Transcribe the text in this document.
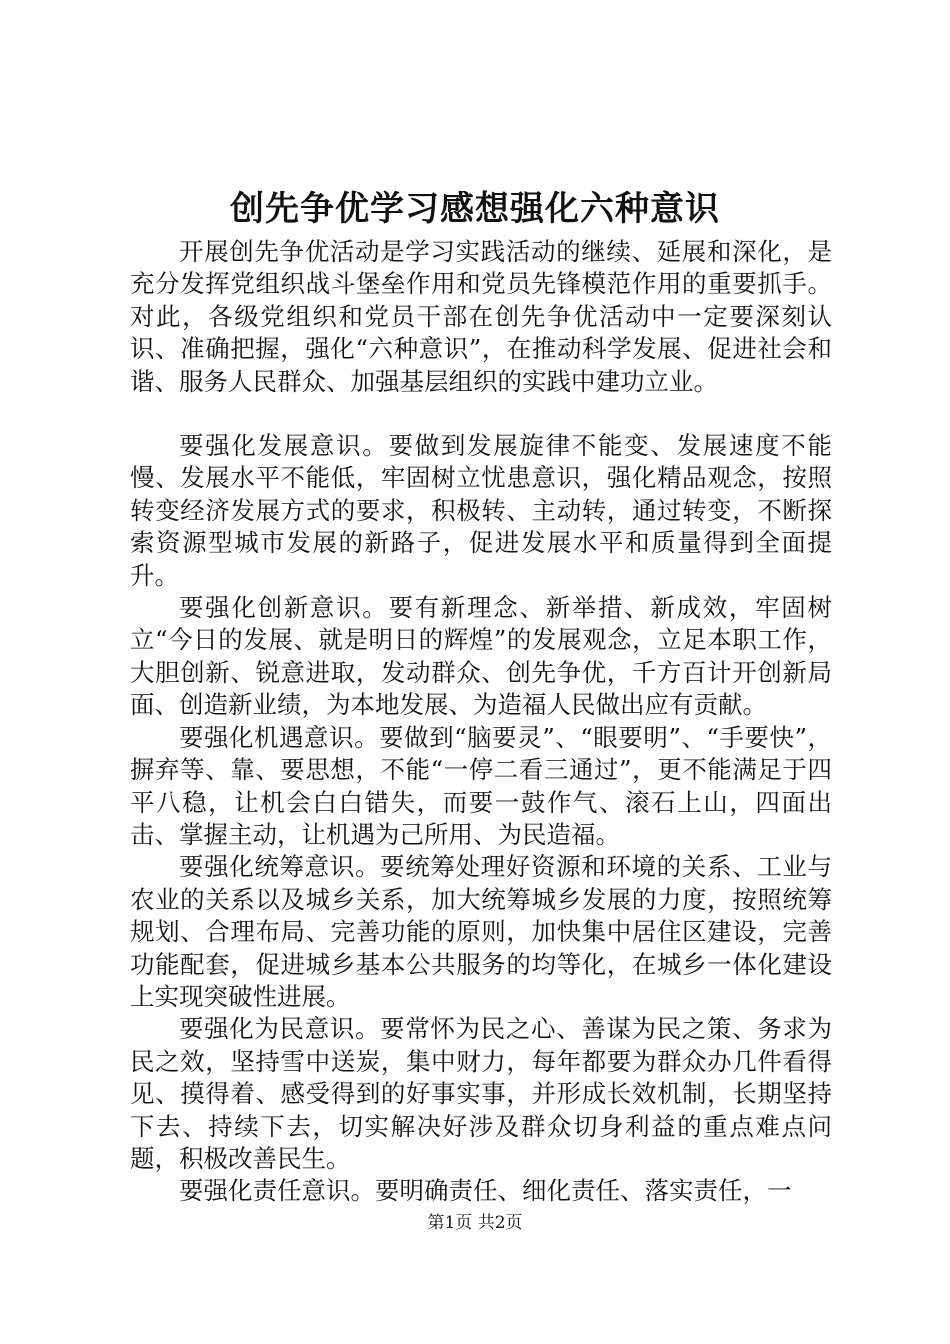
创先争优学习感想强化六种意识

开展创先争优活动是学习实践活动的继续、延展和深化，是充分发挥党组织战斗堡垒作用和党员先锋模范作用的重要抓手。对此，各级党组织和党员干部在创先争优活动中一定要深刻认识、准确把握，强化“六种意识”，在推动科学发展、促进社会和谐、服务人民群众、加强基层组织的实践中建功立业。

要强化发展意识。要做到发展旋律不能变、发展速度不能慢、发展水平不能低，牢固树立忧患意识，强化精品观念，按照转变经济发展方式的要求，积极转、主动转，通过转变，不断探索资源型城市发展的新路子，促进发展水平和质量得到全面提升。

要强化创新意识。要有新理念、新举措、新成效，牢固树立“今日的发展、就是明日的辉煌”的发展观念，立足本职工作，大胆创新、锐意进取，发动群众、创先争优，千方百计开创新局面、创造新业绩，为本地发展、为造福人民做出应有贡献。

要强化机遇意识。要做到“脑要灵”、“眼要明”、“手要快”，摒弃等、靠、要思想，不能“一停二看三通过”，更不能满足于四平八稳，让机会白白错失，而要一鼓作气、滚石上山，四面出击、掌握主动，让机遇为己所用、为民造福。

要强化统筹意识。要统筹处理好资源和环境的关系、工业与农业的关系以及城乡关系，加大统筹城乡发展的力度，按照统筹规划、合理布局、完善功能的原则，加快集中居住区建设，完善功能配套，促进城乡基本公共服务的均等化，在城乡一体化建设上实现突破性进展。

要强化为民意识。要常怀为民之心、善谋为民之策、务求为民之效，坚持雪中送炭，集中财力，每年都要为群众办几件看得见、摸得着、感受得到的好事实事，并形成长效机制，长期坚持下去、持续下去，切实解决好涉及群众切身利益的重点难点问题，积极改善民生。

要强化责任意识。要明确责任、细化责任、落实责任，一

第1页 共2页
